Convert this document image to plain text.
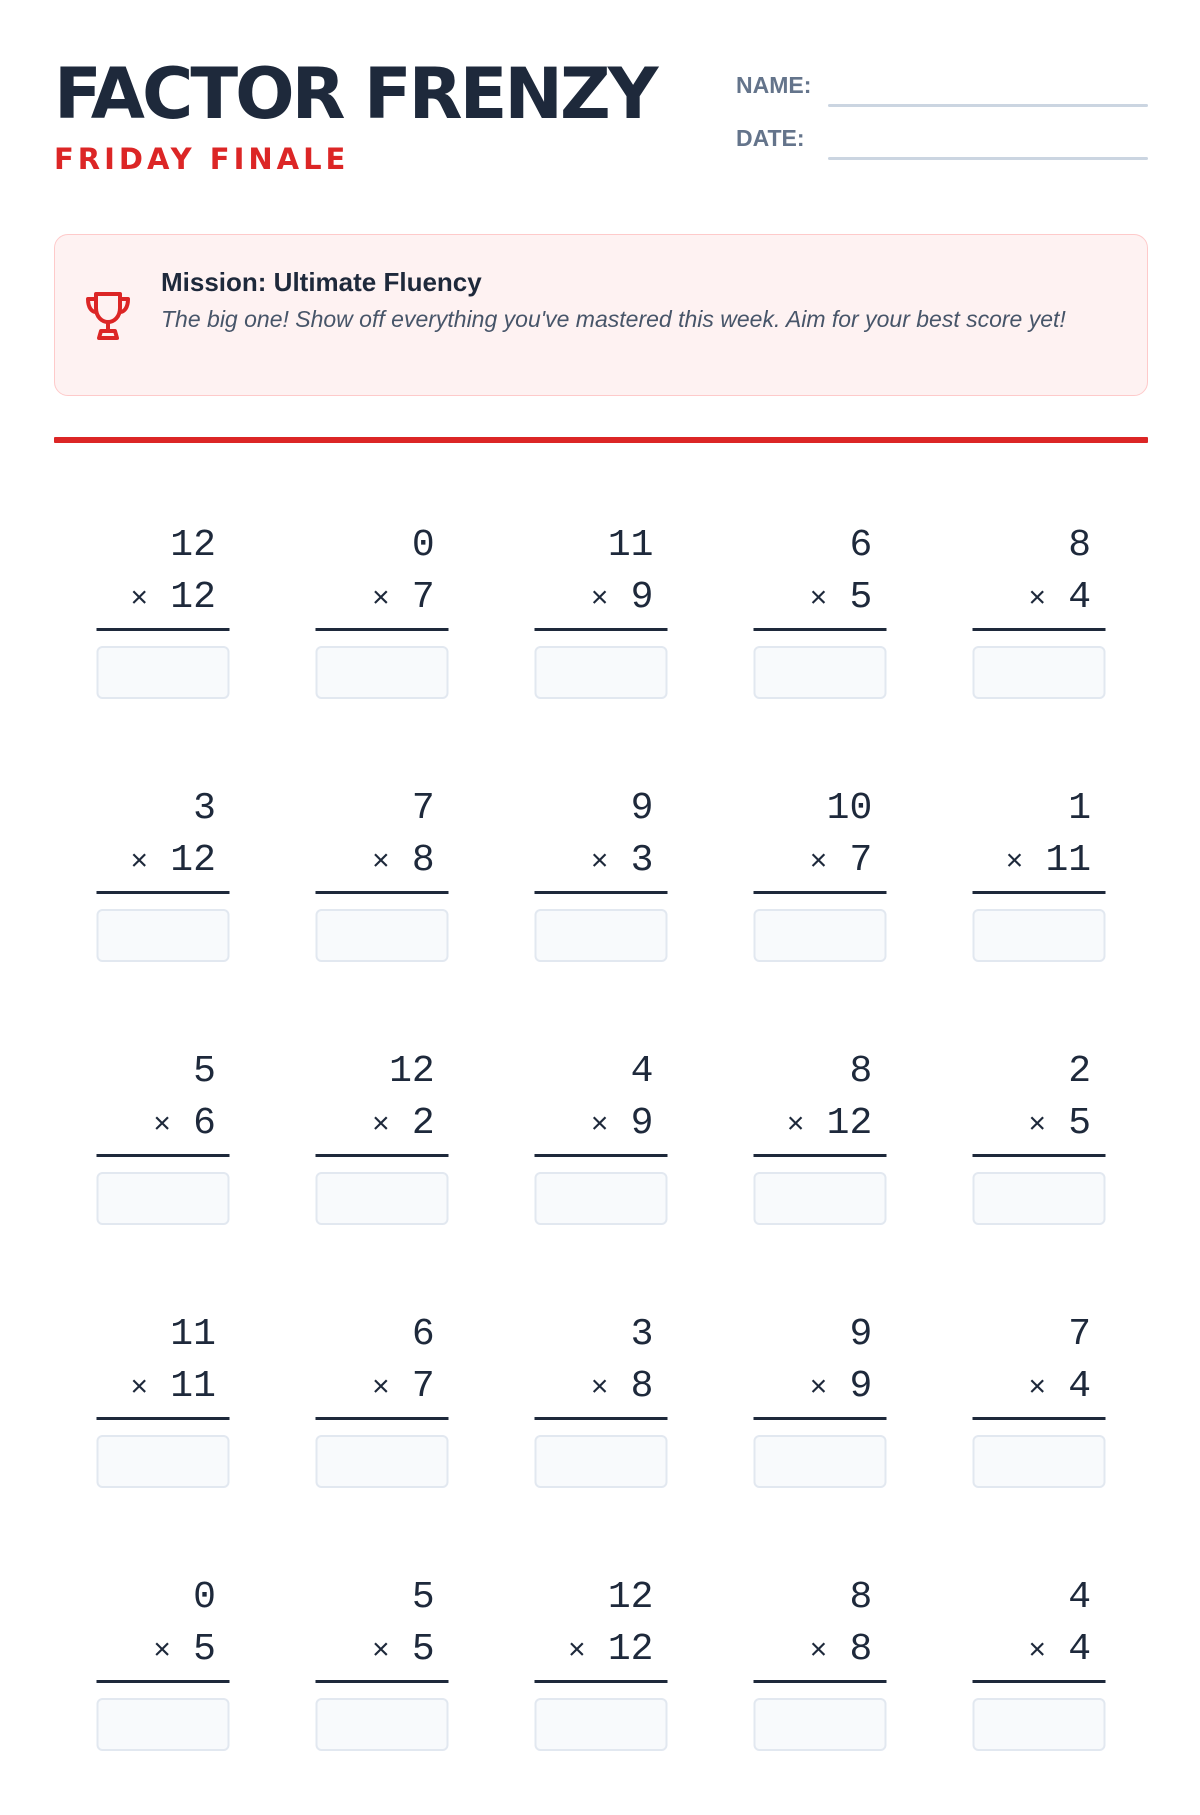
FACTOR FRENZY
FRIDAY FINALE
NAME:
DATE:
Mission: Ultimate Fluency
The big one! Show off everything you've mastered this week. Aim for your best score yet!
12
× 12
0
× 7
11
× 9
6
× 5
8
× 4
3
× 12
7
× 8
9
× 3
10
× 7
1
× 11
5
× 6
12
× 2
4
× 9
8
× 12
2
× 5
11
× 11
6
× 7
3
× 8
9
× 9
7
× 4
0
× 5
5
× 5
12
× 12
8
× 8
4
× 4
